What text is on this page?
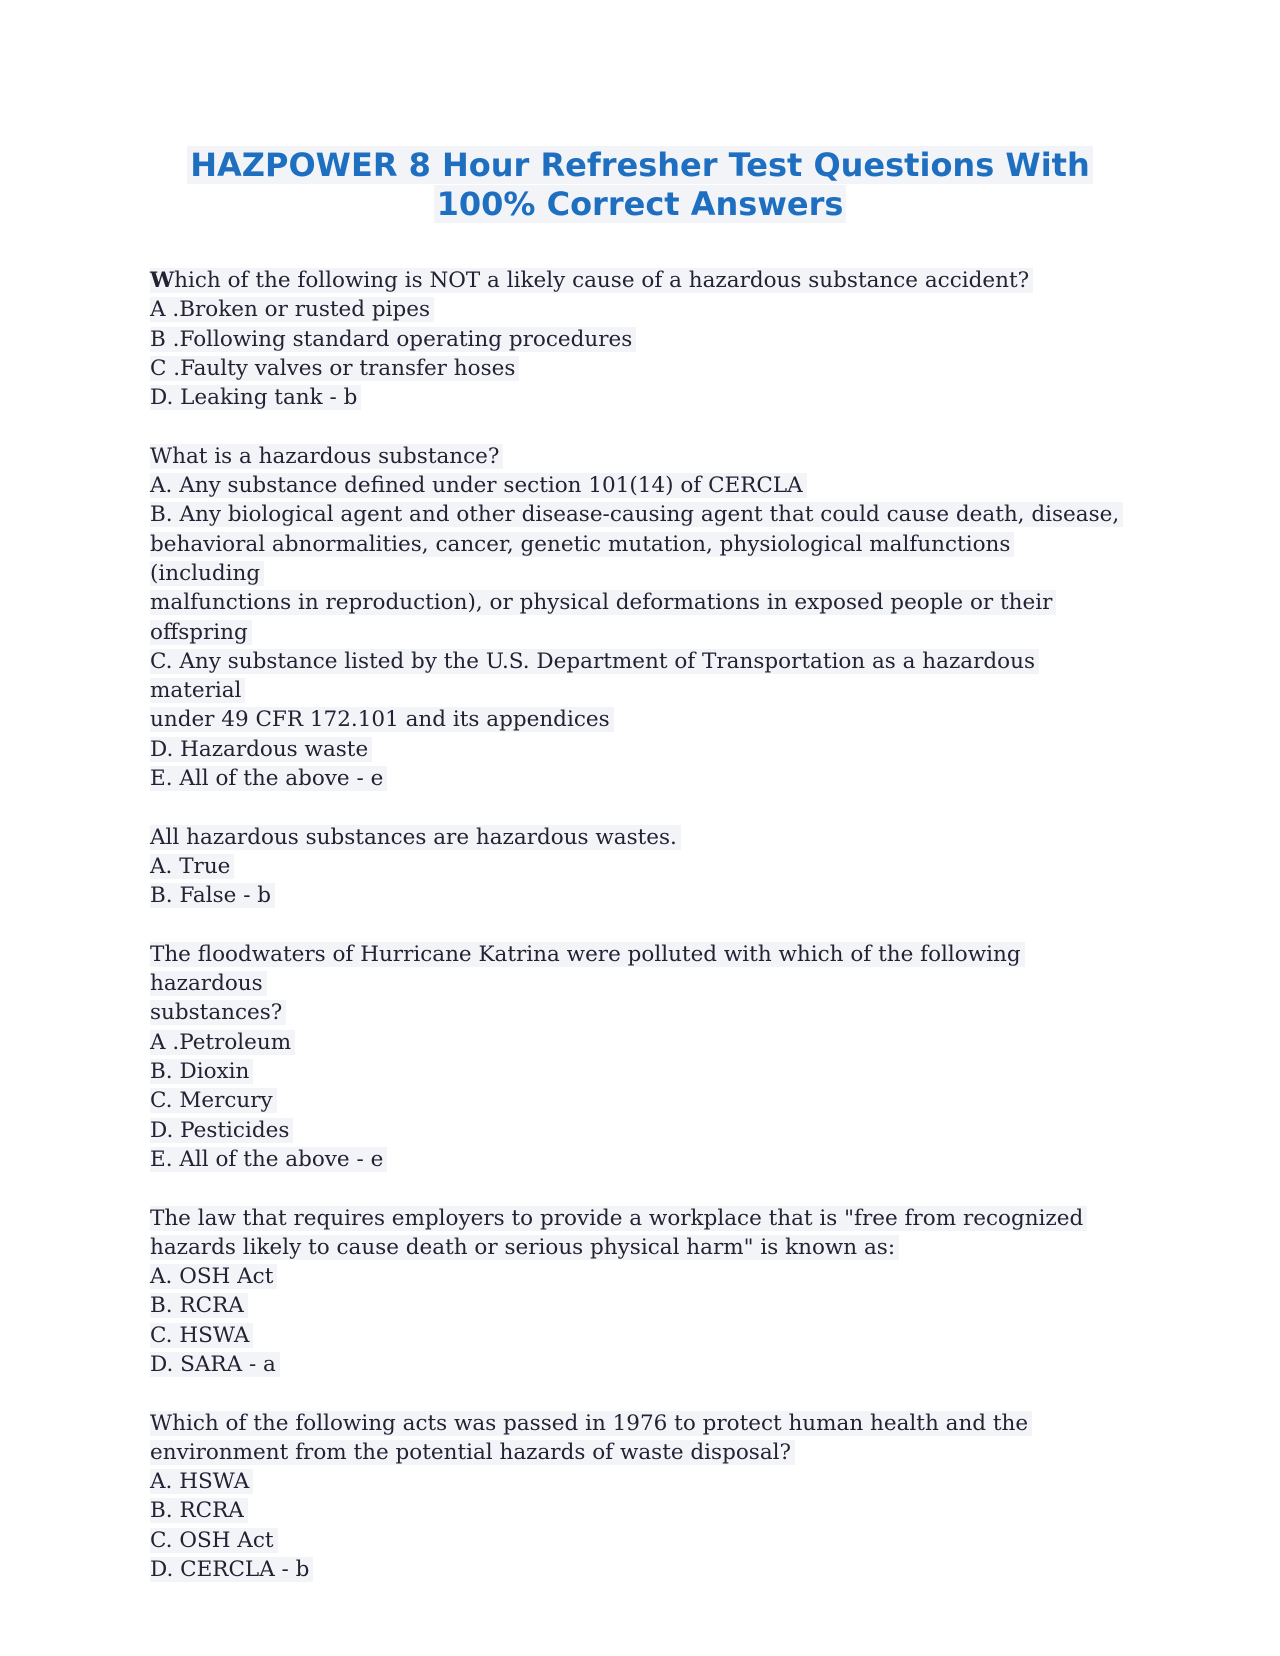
HAZPOWER 8 Hour Refresher Test Questions With
100% Correct Answers
Which of the following is NOT a likely cause of a hazardous substance accident?
A .Broken or rusted pipes
B .Following standard operating procedures
C .Faulty valves or transfer hoses
D. Leaking tank - b
What is a hazardous substance?
A. Any substance defined under section 101(14) of CERCLA
B. Any biological agent and other disease-causing agent that could cause death, disease,
behavioral abnormalities, cancer, genetic mutation, physiological malfunctions (including
malfunctions in reproduction), or physical deformations in exposed people or their
offspring
C. Any substance listed by the U.S. Department of Transportation as a hazardous material
under 49 CFR 172.101 and its appendices
D. Hazardous waste
E. All of the above - e
All hazardous substances are hazardous wastes.
A. True
B. False - b
The floodwaters of Hurricane Katrina were polluted with which of the following hazardous
substances?
A .Petroleum
B. Dioxin
C. Mercury
D. Pesticides
E. All of the above - e
The law that requires employers to provide a workplace that is "free from recognized
hazards likely to cause death or serious physical harm" is known as:
A. OSH Act
B. RCRA
C. HSWA
D. SARA - a
Which of the following acts was passed in 1976 to protect human health and the
environment from the potential hazards of waste disposal?
A. HSWA
B. RCRA
C. OSH Act
D. CERCLA - b
